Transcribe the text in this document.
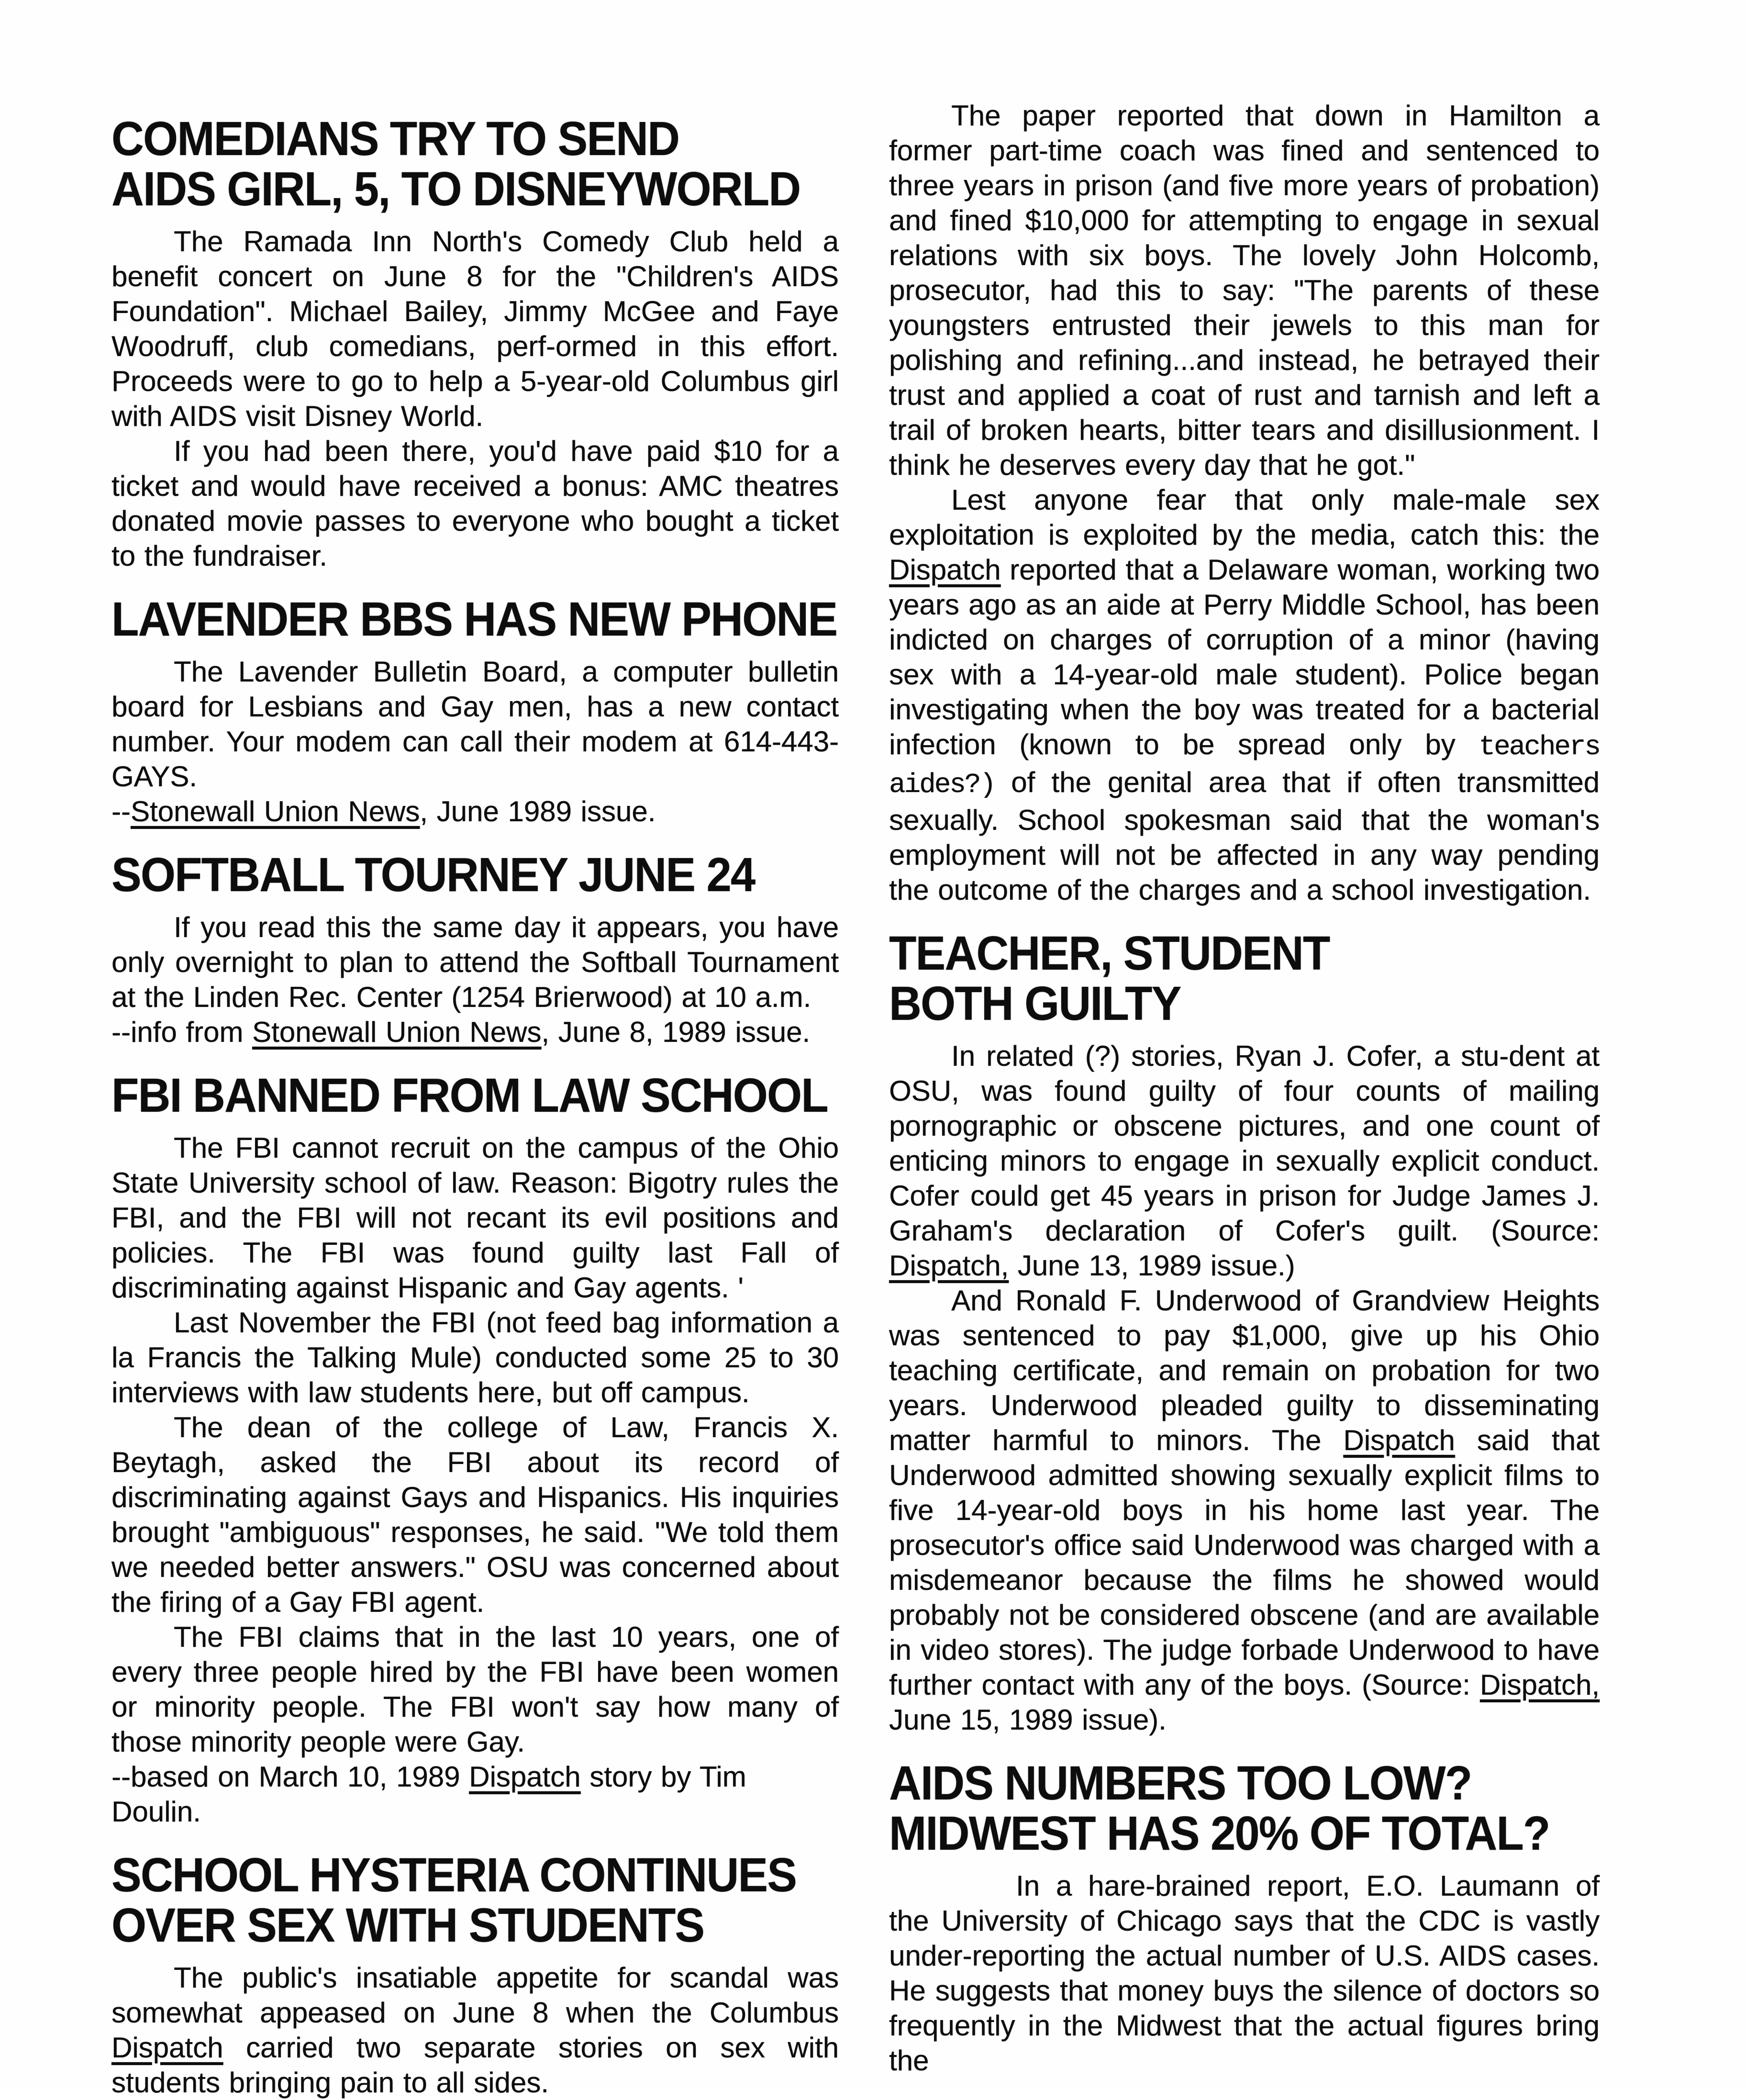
COMEDIANS TRY TO SEND
AIDS GIRL, 5, TO DISNEYWORLD

The Ramada Inn North's Comedy Club held a benefit concert on June 8 for the "Children's AIDS Foundation". Michael Bailey, Jimmy McGee and Faye Woodruff, club comedians, perf-ormed in this effort. Proceeds were to go to help a 5-year-old Columbus girl with AIDS visit Disney World.

If you had been there, you'd have paid $10 for a ticket and would have received a bonus: AMC theatres donated movie passes to everyone who bought a ticket to the fundraiser.

LAVENDER BBS HAS NEW PHONE

The Lavender Bulletin Board, a computer bulletin board for Lesbians and Gay men, has a new contact number. Your modem can call their modem at 614-443-GAYS.

--Stonewall Union News, June 1989 issue.

SOFTBALL TOURNEY JUNE 24

If you read this the same day it appears, you have only overnight to plan to attend the Softball Tournament at the Linden Rec. Center (1254 Brierwood) at 10 a.m.

--info from Stonewall Union News, June 8, 1989 issue.

FBI BANNED FROM LAW SCHOOL

The FBI cannot recruit on the campus of the Ohio State University school of law. Reason: Bigotry rules the FBI, and the FBI will not recant its evil positions and policies. The FBI was found guilty last Fall of discriminating against Hispanic and Gay agents. '

Last November the FBI (not feed bag information a la Francis the Talking Mule) conducted some 25 to 30 interviews with law students here, but off campus.

The dean of the college of Law, Francis X. Beytagh, asked the FBI about its record of discriminating against Gays and Hispanics. His inquiries brought "ambiguous" responses, he said. "We told them we needed better answers." OSU was concerned about the firing of a Gay FBI agent.

The FBI claims that in the last 10 years, one of every three people hired by the FBI have been women or minority people. The FBI won't say how many of those minority people were Gay.

--based on March 10, 1989 Dispatch story by Tim Doulin.

SCHOOL HYSTERIA CONTINUES
OVER SEX WITH STUDENTS

The public's insatiable appetite for scandal was somewhat appeased on June 8 when the Columbus Dispatch carried two separate stories on sex with students bringing pain to all sides.

The paper reported that down in Hamilton a former part-time coach was fined and sentenced to three years in prison (and five more years of probation) and fined $10,000 for attempting to engage in sexual relations with six boys. The lovely John Holcomb, prosecutor, had this to say: "The parents of these youngsters entrusted their jewels to this man for polishing and refining...and instead, he betrayed their trust and applied a coat of rust and tarnish and left a trail of broken hearts, bitter tears and disillusionment. I think he deserves every day that he got."

Lest anyone fear that only male-male sex exploitation is exploited by the media, catch this: the Dispatch reported that a Delaware woman, working two years ago as an aide at Perry Middle School, has been indicted on charges of corruption of a minor (having sex with a 14-year-old male student). Police began investigating when the boy was treated for a bacterial infection (known to be spread only by teachers aides?) of the genital area that if often transmitted sexually. School spokesman said that the woman's employment will not be affected in any way pending the outcome of the charges and a school investigation.

TEACHER, STUDENT
BOTH GUILTY

In related (?) stories, Ryan J. Cofer, a stu-dent at OSU, was found guilty of four counts of mailing pornographic or obscene pictures, and one count of enticing minors to engage in sexually explicit conduct. Cofer could get 45 years in prison for Judge James J. Graham's declaration of Cofer's guilt. (Source: Dispatch, June 13, 1989 issue.)

And Ronald F. Underwood of Grandview Heights was sentenced to pay $1,000, give up his Ohio teaching certificate, and remain on probation for two years. Underwood pleaded guilty to disseminating matter harmful to minors. The Dispatch said that Underwood admitted showing sexually explicit films to five 14-year-old boys in his home last year. The prosecutor's office said Underwood was charged with a misdemeanor because the films he showed would probably not be considered obscene (and are available in video stores). The judge forbade Underwood to have further contact with any of the boys. (Source: Dispatch, June 15, 1989 issue).

AIDS NUMBERS TOO LOW?
MIDWEST HAS 20% OF TOTAL?

In a hare-brained report, E.O. Laumann of the University of Chicago says that the CDC is vastly under-reporting the actual number of U.S. AIDS cases. He suggests that money buys the silence of doctors so frequently in the Midwest that the actual figures bring the
